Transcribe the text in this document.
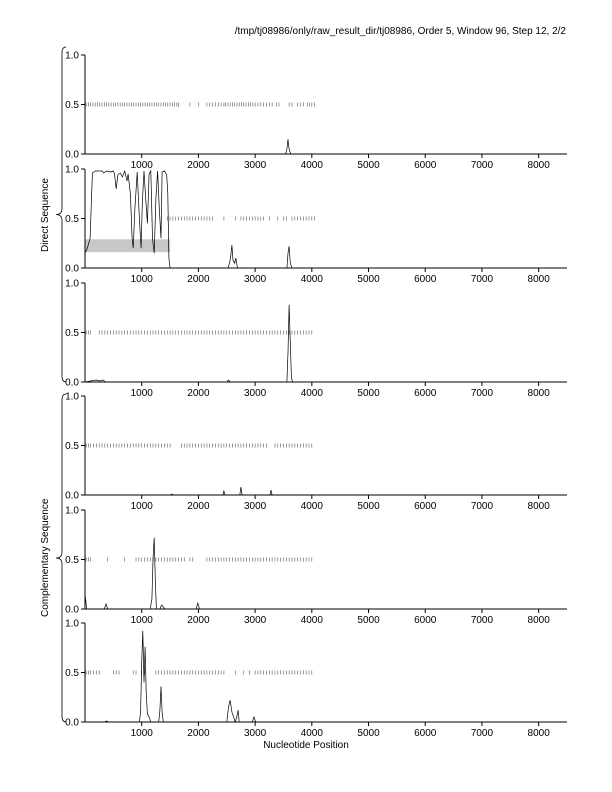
/tmp/tj08986/only/raw_result_dir/tj08986, Order 5, Window 96, Step 12, 2/2
0.0
0.5
1.0
1000	2000	3000	4000	5000	6000	7000	8000
0.0
0.5
1.0
1000	2000	3000	4000	5000	6000	7000	8000
0.0
0.5
1.0
1000	2000	3000	4000	5000	6000	7000	8000
0.0
0.5
1.0
1000	2000	3000	4000	5000	6000	7000	8000
0.0
0.5
1.0
1000	2000	3000	4000	5000	6000	7000	8000
0.0
0.5
1.0
1000	2000	3000	4000	5000	6000	7000	8000
Direct Sequence
Complementary Sequence
Nucleotide Position
